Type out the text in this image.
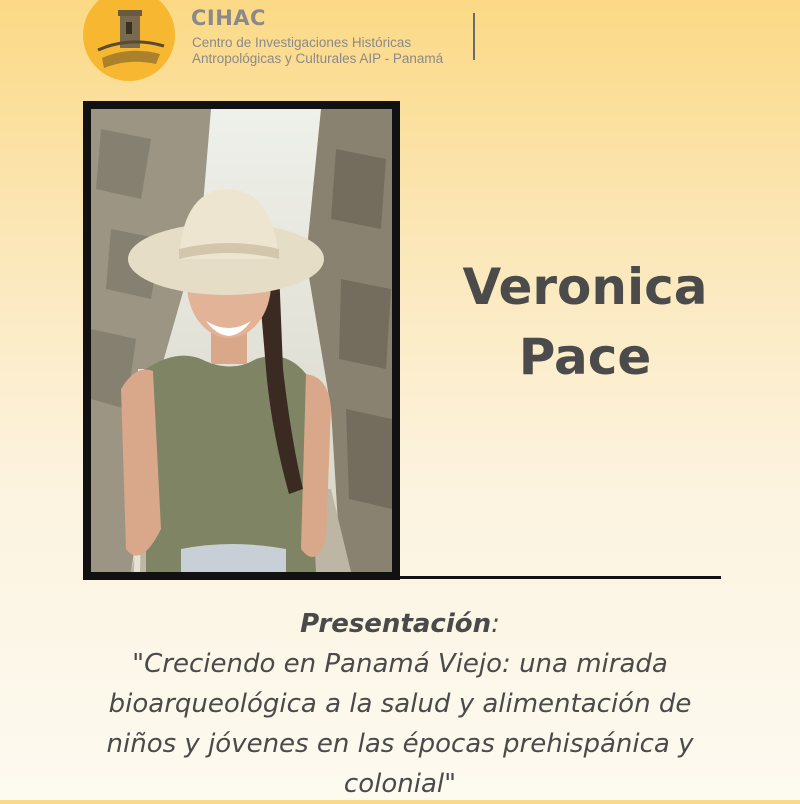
CIHAC

Centro de Investigaciones Históricas
Antropológicas y Culturales AIP - Panamá

Veronica
Pace
Presentación:
"Creciendo en Panamá Viejo: una mirada
bioarqueológica a la salud y alimentación de
niños y jóvenes en las épocas prehispánica y
colonial"
